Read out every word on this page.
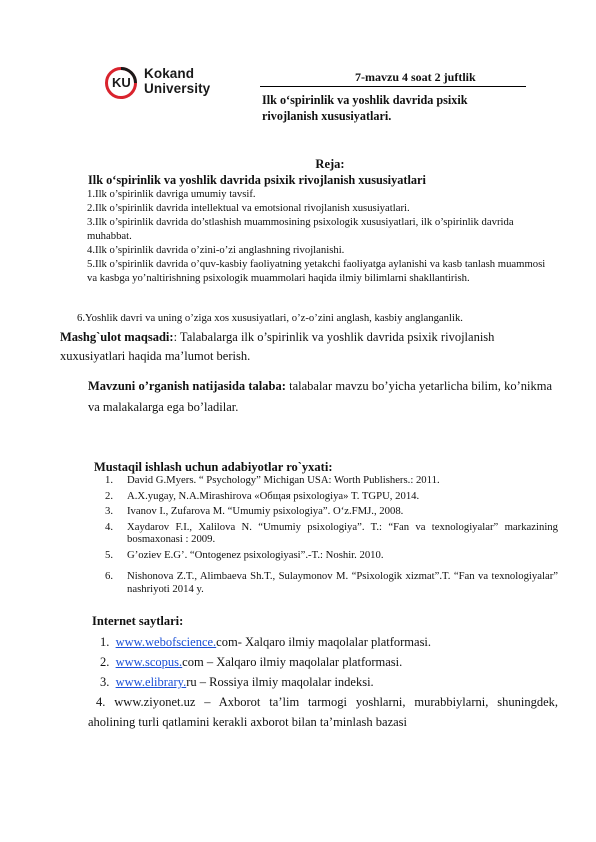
KU
Kokand
University
7-mavzu 4 soat 2 juftlik
Ilk o‘spirinlik va yoshlik davrida psixik rivojlanish xususiyatlari.
Reja:
Ilk o‘spirinlik va yoshlik davrida psixik rivojlanish xususiyatlari
1.Ilk o’spirinlik davriga umumiy tavsif.
2.Ilk o’spirinlik davrida intellektual va emotsional rivojlanish xususiyatlari.
3.Ilk o’spirinlik davrida do’stlashish muammosining psixologik xususiyatlari, ilk o’spirinlik davrida muhabbat.
4.Ilk o’spirinlik davrida o’zini-o’zi anglashning rivojlanishi.
5.Ilk o’spirinlik davrida o’quv-kasbiy faoliyatning yetakchi faoliyatga aylanishi va kasb tanlash muammosi va kasbga yo’naltirishning psixologik muammolari haqida ilmiy bilimlarni shakllantirish.
6.Yoshlik davri va uning o’ziga xos xususiyatlari, o’z-o’zini anglash, kasbiy anglanganlik.
Mashg`ulot maqsadi:: Talabalarga ilk o’spirinlik va yoshlik davrida psixik rivojlanish xuxusiyatlari haqida ma’lumot berish.
Mavzuni o’rganish natijasida talaba: talabalar mavzu bo’yicha yetarlicha bilim, ko’nikma va malakalarga ega bo’ladilar.
Mustaqil ishlash uchun adabiyotlar ro`yxati:
1.	David G.Myers. “ Psychology” Michigan USA: Worth Publishers.: 2011.
2.	A.X.yugay, N.A.Mirashirova «Общая psixologiya» T. TGPU, 2014.
3.	Ivanov I., Zufarova M. “Umumiy psixologiya”. O‘z.FMJ., 2008.
4.	Xaydarov F.I., Xalilova N. “Umumiy psixologiya”. T.: “Fan va texnologiyalar” markazining bosmaxonasi : 2009.
5.	G’oziev E.G’. “Ontogenez psixologiyasi”.-T.: Noshir. 2010.
6.	Nishonova Z.T., Alimbaeva Sh.T., Sulaymonov M. “Psixologik xizmat”.T. “Fan va texnologiyalar” nashriyoti 2014 y.
Internet saytlari:
1. www.webofscience.com- Xalqaro ilmiy maqolalar platformasi.
2. www.scopus.com – Xalqaro ilmiy maqolalar platformasi.
3. www.elibrary.ru – Rossiya ilmiy maqolalar indeksi.
4. www.ziyonet.uz – Axborot ta’lim tarmogi yoshlarni, murabbiylarni, shuningdek, aholining turli qatlamini kerakli axborot bilan ta’minlash bazasi
